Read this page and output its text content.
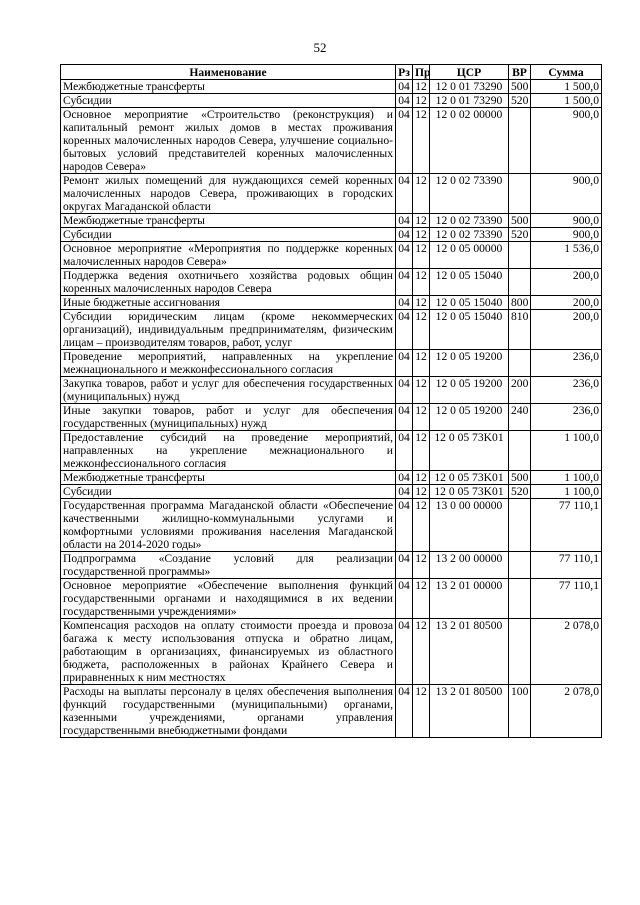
52
Наименование	Рз	Пр	ЦСР	ВР	Сумма
Межбюджетные трансферты	04	12	12 0 01 73290	500	1 500,0
Субсидии	04	12	12 0 01 73290	520	1 500,0
Основное мероприятие «Строительство (реконструкция) и капитальный ремонт жилых домов в местах проживания коренных малочисленных народов Севера, улучшение социально-бытовых условий представителей коренных малочисленных народов Севера»	04	12	12 0 02 00000		900,0
Ремонт жилых помещений для нуждающихся семей коренных малочисленных народов Севера, проживающих в городских округах Магаданской области	04	12	12 0 02 73390		900,0
Межбюджетные трансферты	04	12	12 0 02 73390	500	900,0
Субсидии	04	12	12 0 02 73390	520	900,0
Основное мероприятие «Мероприятия по поддержке коренных малочисленных народов Севера»	04	12	12 0 05 00000		1 536,0
Поддержка ведения охотничьего хозяйства родовых общин коренных малочисленных народов Севера	04	12	12 0 05 15040		200,0
Иные бюджетные ассигнования	04	12	12 0 05 15040	800	200,0
Субсидии юридическим лицам (кроме некоммерческих организаций), индивидуальным предпринимателям, физическим лицам – производителям товаров, работ, услуг	04	12	12 0 05 15040	810	200,0
Проведение мероприятий, направленных на укрепление межнационального и межконфессионального согласия	04	12	12 0 05 19200		236,0
Закупка товаров, работ и услуг для обеспечения государственных (муниципальных) нужд	04	12	12 0 05 19200	200	236,0
Иные закупки товаров, работ и услуг для обеспечения государственных (муниципальных) нужд	04	12	12 0 05 19200	240	236,0
Предоставление субсидий на проведение мероприятий, направленных на укрепление межнационального и межконфессионального согласия	04	12	12 0 05 73K01		1 100,0
Межбюджетные трансферты	04	12	12 0 05 73K01	500	1 100,0
Субсидии	04	12	12 0 05 73K01	520	1 100,0
Государственная программа Магаданской области «Обеспечение качественными жилищно-коммунальными услугами и комфортными условиями проживания населения Магаданской области на 2014-2020 годы»	04	12	13 0 00 00000		77 110,1
Подпрограмма «Создание условий для реализации государственной программы»	04	12	13 2 00 00000		77 110,1
Основное мероприятие «Обеспечение выполнения функций государственными органами и находящимися в их ведении государственными учреждениями»	04	12	13 2 01 00000		77 110,1
Компенсация расходов на оплату стоимости проезда и провоза багажа к месту использования отпуска и обратно лицам, работающим в организациях, финансируемых из областного бюджета, расположенных в районах Крайнего Севера и приравненных к ним местностях	04	12	13 2 01 80500		2 078,0
Расходы на выплаты персоналу в целях обеспечения выполнения функций государственными (муниципальными) органами, казенными учреждениями, органами управления государственными внебюджетными фондами	04	12	13 2 01 80500	100	2 078,0
